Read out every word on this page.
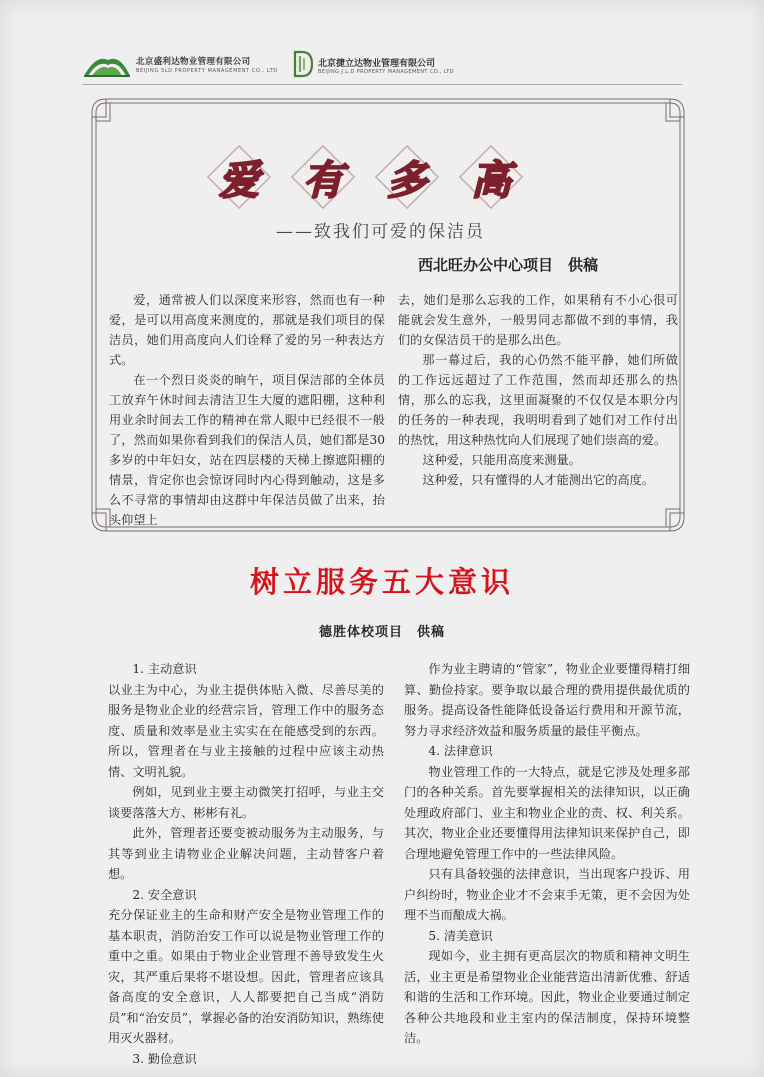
北京盛利达物业管理有限公司
BEIJING SLD PROPERTY MANAGEMENT CO., LTD
北京捷立达物业管理有限公司
BEIJING J.L.D PROPERTY MANAGEMENT CO., LTD
爱	有	多	高
——致我们可爱的保洁员
西北旺办公中心项目　供稿

爱，通常被人们以深度来形容，然而也有一种爱，是可以用高度来测度的，那就是我们项目的保洁员，她们用高度向人们诠释了爱的另一种表达方式。

在一个烈日炎炎的晌午，项目保洁部的全体员工放弃午休时间去清洁卫生大厦的遮阳棚，这种利用业余时间去工作的精神在常人眼中已经很不一般了，然而如果你看到我们的保洁人员，她们都是30多岁的中年妇女，站在四层楼的天梯上擦遮阳棚的情景，肯定你也会惊讶同时内心得到触动，这是多么不寻常的事情却由这群中年保洁员做了出来，抬头仰望上

去，她们是那么忘我的工作，如果稍有不小心很可能就会发生意外，一般男同志都做不到的事情，我们的女保洁员干的是那么出色。

那一幕过后，我的心仍然不能平静，她们所做的工作远远超过了工作范围，然而却还那么的热情，那么的忘我，这里面凝聚的不仅仅是本职分内的任务的一种表现，我明明看到了她们对工作付出的热忱，用这种热忱向人们展现了她们崇高的爱。

这种爱，只能用高度来测量。

这种爱，只有懂得的人才能测出它的高度。

树立服务五大意识
德胜体校项目　供稿

1. 主动意识

以业主为中心，为业主提供体贴入微、尽善尽美的服务是物业企业的经营宗旨，管理工作中的服务态度、质量和效率是业主实实在在能感受到的东西。所以，管理者在与业主接触的过程中应该主动热情、文明礼貌。

例如，见到业主要主动微笑打招呼，与业主交谈要落落大方、彬彬有礼。

此外，管理者还要变被动服务为主动服务，与其等到业主请物业企业解决问题，主动替客户着想。

2. 安全意识

充分保证业主的生命和财产安全是物业管理工作的基本职责，消防治安工作可以说是物业管理工作的重中之重。如果由于物业企业管理不善导致发生火灾，其严重后果将不堪设想。因此，管理者应该具备高度的安全意识，人人都要把自己当成“消防员”和“治安员”，掌握必备的治安消防知识，熟练使用灭火器材。

3. 勤俭意识

作为业主聘请的“管家”，物业企业要懂得精打细算、勤俭持家。要争取以最合理的费用提供最优质的服务。提高设备性能降低设备运行费用和开源节流，努力寻求经济效益和服务质量的最佳平衡点。

4. 法律意识

物业管理工作的一大特点，就是它涉及处理多部门的各种关系。首先要掌握相关的法律知识，以正确处理政府部门、业主和物业企业的责、权、利关系。其次，物业企业还要懂得用法律知识来保护自己，即合理地避免管理工作中的一些法律风险。

只有具备较强的法律意识，当出现客户投诉、用户纠纷时，物业企业才不会束手无策，更不会因为处理不当而酿成大祸。

5. 清美意识

现如今，业主拥有更高层次的物质和精神文明生活，业主更是希望物业企业能营造出清新优雅、舒适和谐的生活和工作环境。因此，物业企业要通过制定各种公共地段和业主室内的保洁制度，保持环境整洁。
